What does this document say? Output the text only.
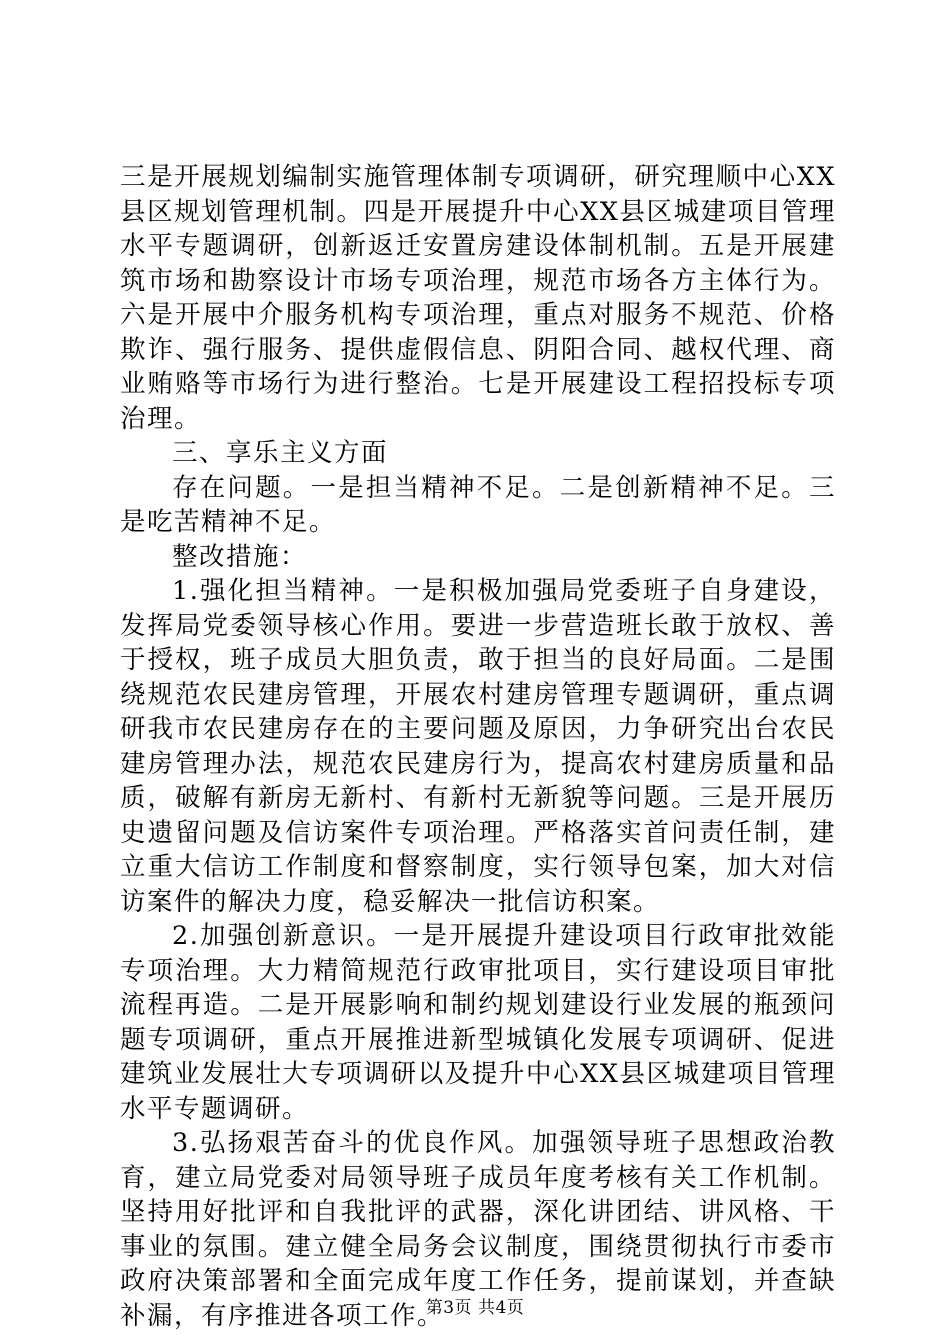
三是开展规划编制实施管理体制专项调研，研究理顺中心XX县区规划管理机制。四是开展提升中心XX县区城建项目管理水平专题调研，创新返迁安置房建设体制机制。五是开展建筑市场和勘察设计市场专项治理，规范市场各方主体行为。六是开展中介服务机构专项治理，重点对服务不规范、价格欺诈、强行服务、提供虚假信息、阴阳合同、越权代理、商业贿赂等市场行为进行整治。七是开展建设工程招投标专项治理。

三、享乐主义方面

存在问题。一是担当精神不足。二是创新精神不足。三是吃苦精神不足。

整改措施：

1.强化担当精神。一是积极加强局党委班子自身建设，发挥局党委领导核心作用。要进一步营造班长敢于放权、善于授权，班子成员大胆负责，敢于担当的良好局面。二是围绕规范农民建房管理，开展农村建房管理专题调研，重点调研我市农民建房存在的主要问题及原因，力争研究出台农民建房管理办法，规范农民建房行为，提高农村建房质量和品质，破解有新房无新村、有新村无新貌等问题。三是开展历史遗留问题及信访案件专项治理。严格落实首问责任制，建立重大信访工作制度和督察制度，实行领导包案，加大对信访案件的解决力度，稳妥解决一批信访积案。

2.加强创新意识。一是开展提升建设项目行政审批效能专项治理。大力精简规范行政审批项目，实行建设项目审批流程再造。二是开展影响和制约规划建设行业发展的瓶颈问题专项调研，重点开展推进新型城镇化发展专项调研、促进建筑业发展壮大专项调研以及提升中心XX县区城建项目管理水平专题调研。

3.弘扬艰苦奋斗的优良作风。加强领导班子思想政治教育，建立局党委对局领导班子成员年度考核有关工作机制。坚持用好批评和自我批评的武器，深化讲团结、讲风格、干事业的氛围。建立健全局务会议制度，围绕贯彻执行市委市政府决策部署和全面完成年度工作任务，提前谋划，并查缺补漏，有序推进各项工作。

第3页 共4页
